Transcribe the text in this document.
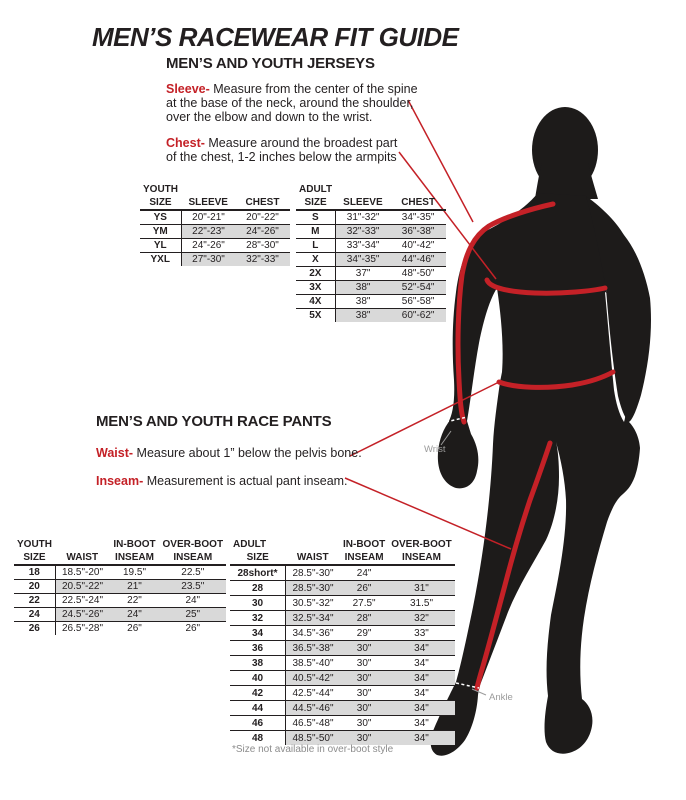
Wrist
Ankle
MEN’S RACEWEAR FIT GUIDE
MEN’S AND YOUTH JERSEYS

Sleeve- Measure from the center of the spine
at the base of the neck, around the shoulder,
over the elbow and down to the wrist.

Chest- Measure around the broadest part
of the chest, 1-2 inches below the armpits

YOUTH		
SIZE	SLEEVE	CHEST
YS	20"-21"	20"-22"
YM	22"-23"	24"-26"
YL	24"-26"	28"-30"
YXL	27"-30"	32"-33"
ADULT		
SIZE	SLEEVE	CHEST
S	31"-32"	34"-35"
M	32"-33"	36"-38"
L	33"-34"	40"-42"
X	34"-35"	44"-46"
2X	37"	48"-50"
3X	38"	52"-54"
4X	38"	56"-58"
5X	38"	60"-62"
MEN’S AND YOUTH RACE PANTS

Waist- Measure about 1” below the pelvis bone.

Inseam- Measurement is actual pant inseam.

YOUTH		IN-BOOT	OVER-BOOT
SIZE	WAIST	INSEAM	INSEAM
18	18.5"-20"	19.5"	22.5"
20	20.5"-22"	21"	23.5"
22	22.5"-24"	22"	24"
24	24.5"-26"	24"	25"
26	26.5"-28"	26"	26"
ADULT		IN-BOOT	OVER-BOOT
SIZE	WAIST	INSEAM	INSEAM
28short*	28.5"-30"	24"	
28	28.5"-30"	26"	31"
30	30.5"-32"	27.5"	31.5"
32	32.5"-34"	28"	32"
34	34.5"-36"	29"	33"
36	36.5"-38"	30"	34"
38	38.5"-40"	30"	34"
40	40.5"-42"	30"	34"
42	42.5"-44"	30"	34"
44	44.5"-46"	30"	34"
46	46.5"-48"	30"	34"
48	48.5"-50"	30"	34"

*Size not available in over-boot style
